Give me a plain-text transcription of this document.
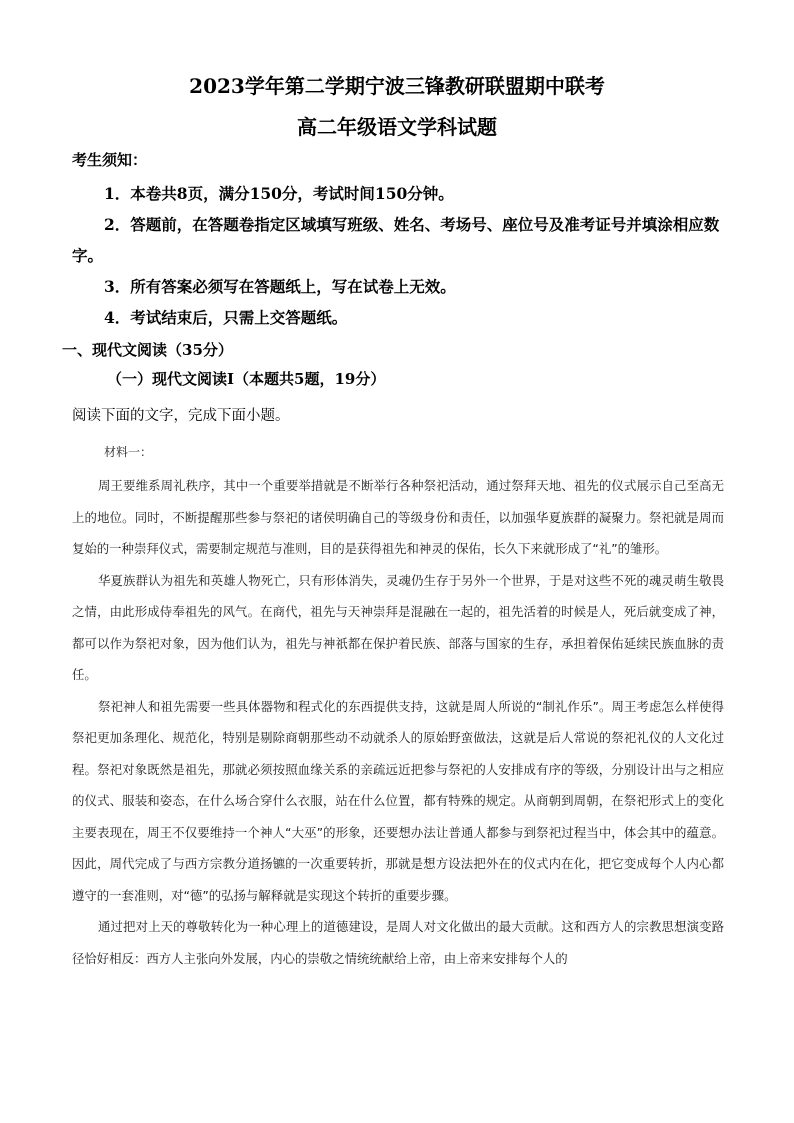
2023学年第二学期宁波三锋教研联盟期中联考
高二年级语文学科试题
考生须知：

1．本卷共8页，满分150分，考试时间150分钟。

2．答题前，在答题卷指定区域填写班级、姓名、考场号、座位号及准考证号并填涂相应数字。

3．所有答案必须写在答题纸上，写在试卷上无效。

4．考试结束后，只需上交答题纸。

一、现代文阅读（35分）
（一）现代文阅读Ⅰ（本题共5题，19分）
阅读下面的文字，完成下面小题。
材料一：

周王要维系周礼秩序，其中一个重要举措就是不断举行各种祭祀活动，通过祭拜天地、祖先的仪式展示自己至高无上的地位。同时，不断提醒那些参与祭祀的诸侯明确自己的等级身份和责任，以加强华夏族群的凝聚力。祭祀就是周而复始的一种崇拜仪式，需要制定规范与准则，目的是获得祖先和神灵的保佑，长久下来就形成了“礼”的雏形。

华夏族群认为祖先和英雄人物死亡，只有形体消失，灵魂仍生存于另外一个世界，于是对这些不死的魂灵萌生敬畏之情，由此形成侍奉祖先的风气。在商代，祖先与天神崇拜是混融在一起的，祖先活着的时候是人，死后就变成了神，都可以作为祭祀对象，因为他们认为，祖先与神祇都在保护着民族、部落与国家的生存，承担着保佑延续民族血脉的责任。

祭祀神人和祖先需要一些具体器物和程式化的东西提供支持，这就是周人所说的“制礼作乐”。周王考虑怎么样使得祭祀更加条理化、规范化，特别是剔除商朝那些动不动就杀人的原始野蛮做法，这就是后人常说的祭祀礼仪的人文化过程。祭祀对象既然是祖先，那就必须按照血缘关系的亲疏远近把参与祭祀的人安排成有序的等级，分别设计出与之相应的仪式、服装和姿态，在什么场合穿什么衣服，站在什么位置，都有特殊的规定。从商朝到周朝，在祭祀形式上的变化主要表现在，周王不仅要维持一个神人“大巫”的形象，还要想办法让普通人都参与到祭祀过程当中，体会其中的蕴意。因此，周代完成了与西方宗教分道扬镳的一次重要转折，那就是想方设法把外在的仪式内在化，把它变成每个人内心都遵守的一套准则，对“德”的弘扬与解释就是实现这个转折的重要步骤。

通过把对上天的尊敬转化为一种心理上的道德建设，是周人对文化做出的最大贡献。这和西方人的宗教思想演变路径恰好相反：西方人主张向外发展，内心的崇敬之情统统献给上帝，由上帝来安排每个人的
